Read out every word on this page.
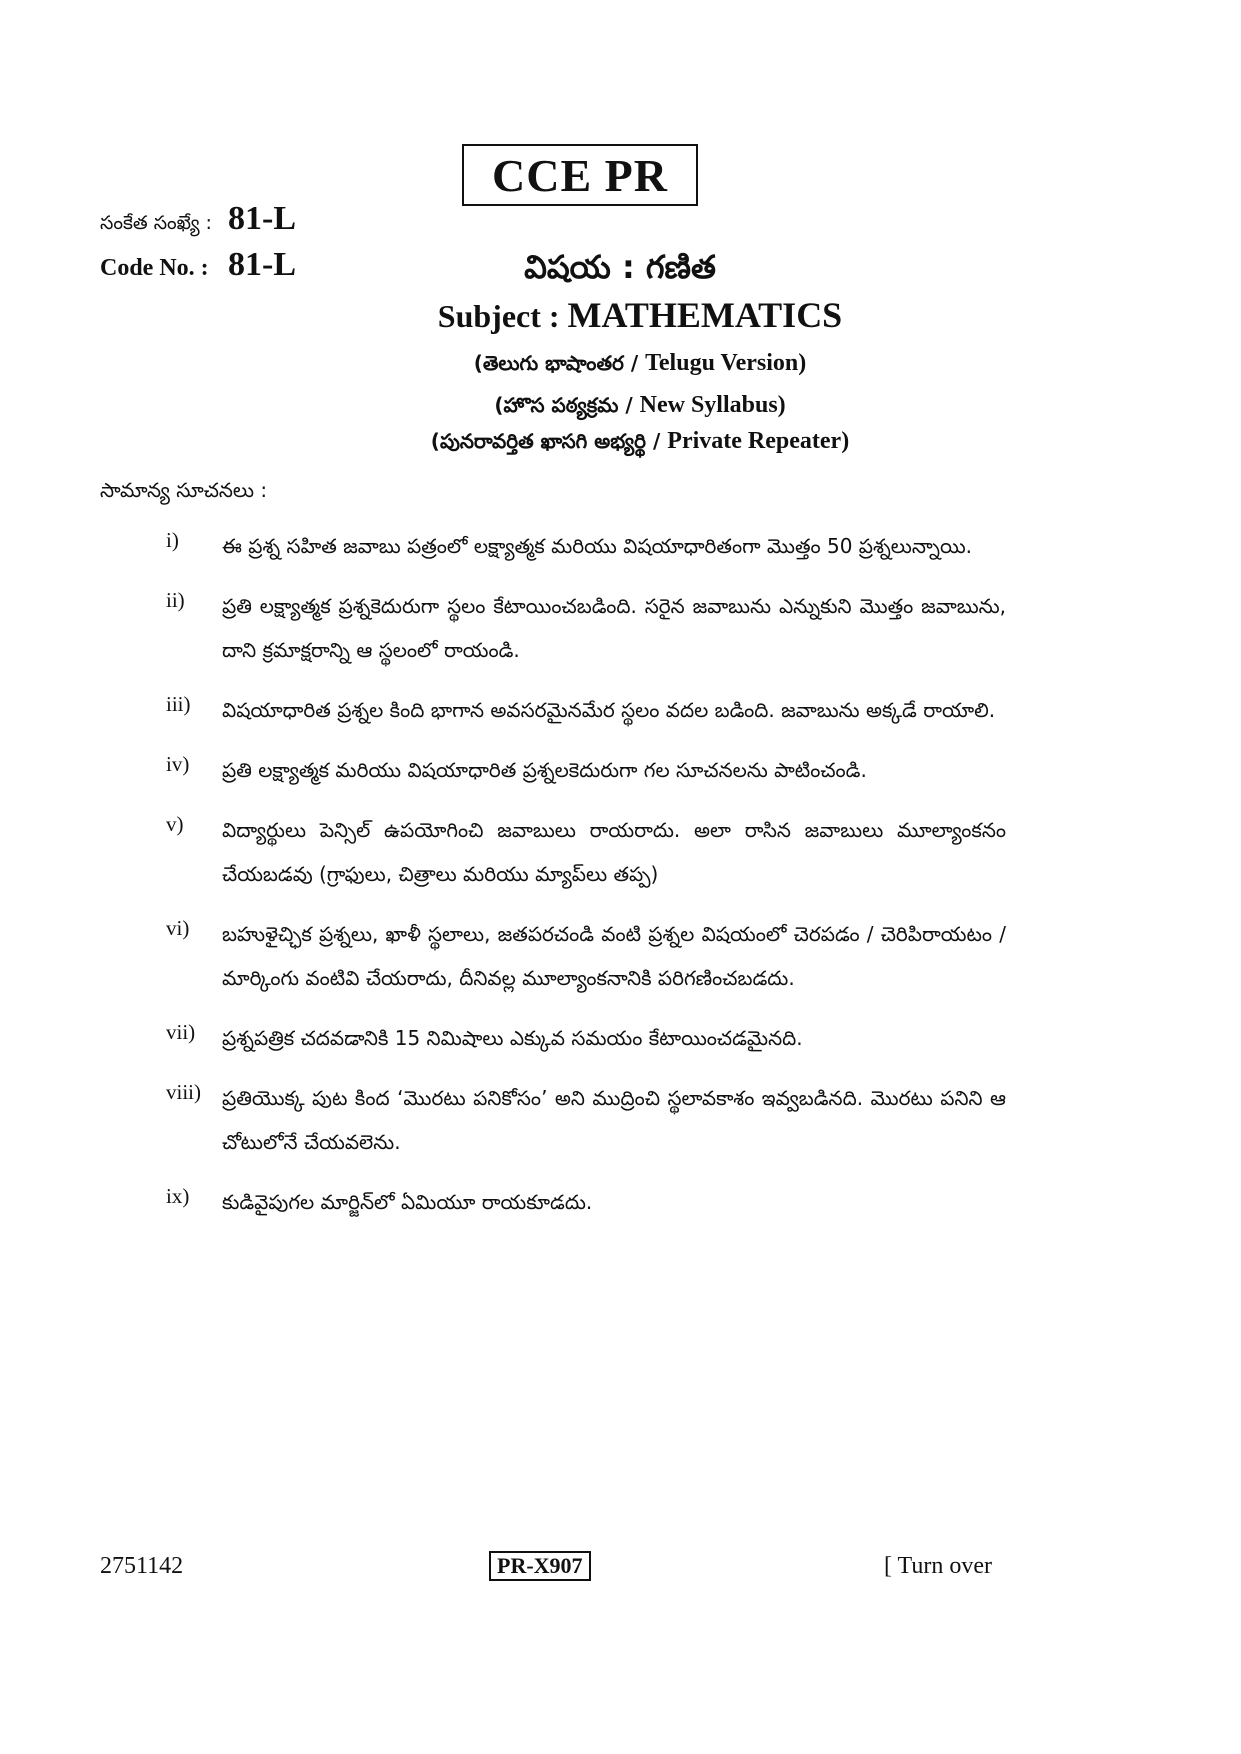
CCE PR
సంకేత సంఖ్యే : 81-L
Code No. : 81-L	విషయ : గణిత
Subject : MATHEMATICS
(తెలుగు భాషాంతర / Telugu Version)
(హొస పఠ్యక్రమ / New Syllabus)
(పునరావర్తిత ఖాసగి అభ్యర్థి / Private Repeater)
సామాన్య సూచనలు :
i)	ఈ ప్రశ్న సహిత జవాబు పత్రంలో లక్ష్యాత్మక మరియు విషయాధారితంగా మొత్తం 50 ప్రశ్నలున్నాయి.
ii)	ప్రతి లక్ష్యాత్మక ప్రశ్నకెదురుగా స్థలం కేటాయించబడింది. సరైన జవాబును ఎన్నుకుని మొత్తం జవాబును, దాని క్రమాక్షరాన్ని ఆ స్థలంలో రాయండి.
iii)	విషయాధారిత ప్రశ్నల కింది భాగాన అవసరమైనమేర స్థలం వదల బడింది. జవాబును అక్కడే రాయాలి.
iv)	ప్రతి లక్ష్యాత్మక మరియు విషయాధారిత ప్రశ్నలకెదురుగా గల సూచనలను పాటించండి.
v)	విద్యార్థులు పెన్సిల్ ఉపయోగించి జవాబులు రాయరాదు. అలా రాసిన జవాబులు మూల్యాంకనం చేయబడవు (గ్రాఫులు, చిత్రాలు మరియు మ్యాప్‌లు తప్ప)
vi)	బహుళైచ్ఛిక ప్రశ్నలు, ఖాళీ స్థలాలు, జతపరచండి వంటి ప్రశ్నల విషయంలో చెరపడం / చెరిపిరాయటం / మార్కింగు వంటివి చేయరాదు, దీనివల్ల మూల్యాంకనానికి పరిగణించబడదు.
vii)	ప్రశ్నపత్రిక చదవడానికి 15 నిమిషాలు ఎక్కువ సమయం కేటాయించడమైనది.
viii)	ప్రతియొక్క పుట కింద ‘మొరటు పనికోసం’ అని ముద్రించి స్థలావకాశం ఇవ్వబడినది. మొరటు పనిని ఆ చోటులోనే చేయవలెను.
ix)	కుడివైపుగల మార్జిన్‌లో ఏమియూ రాయకూడదు.
2751142	PR-X907	[ Turn over
